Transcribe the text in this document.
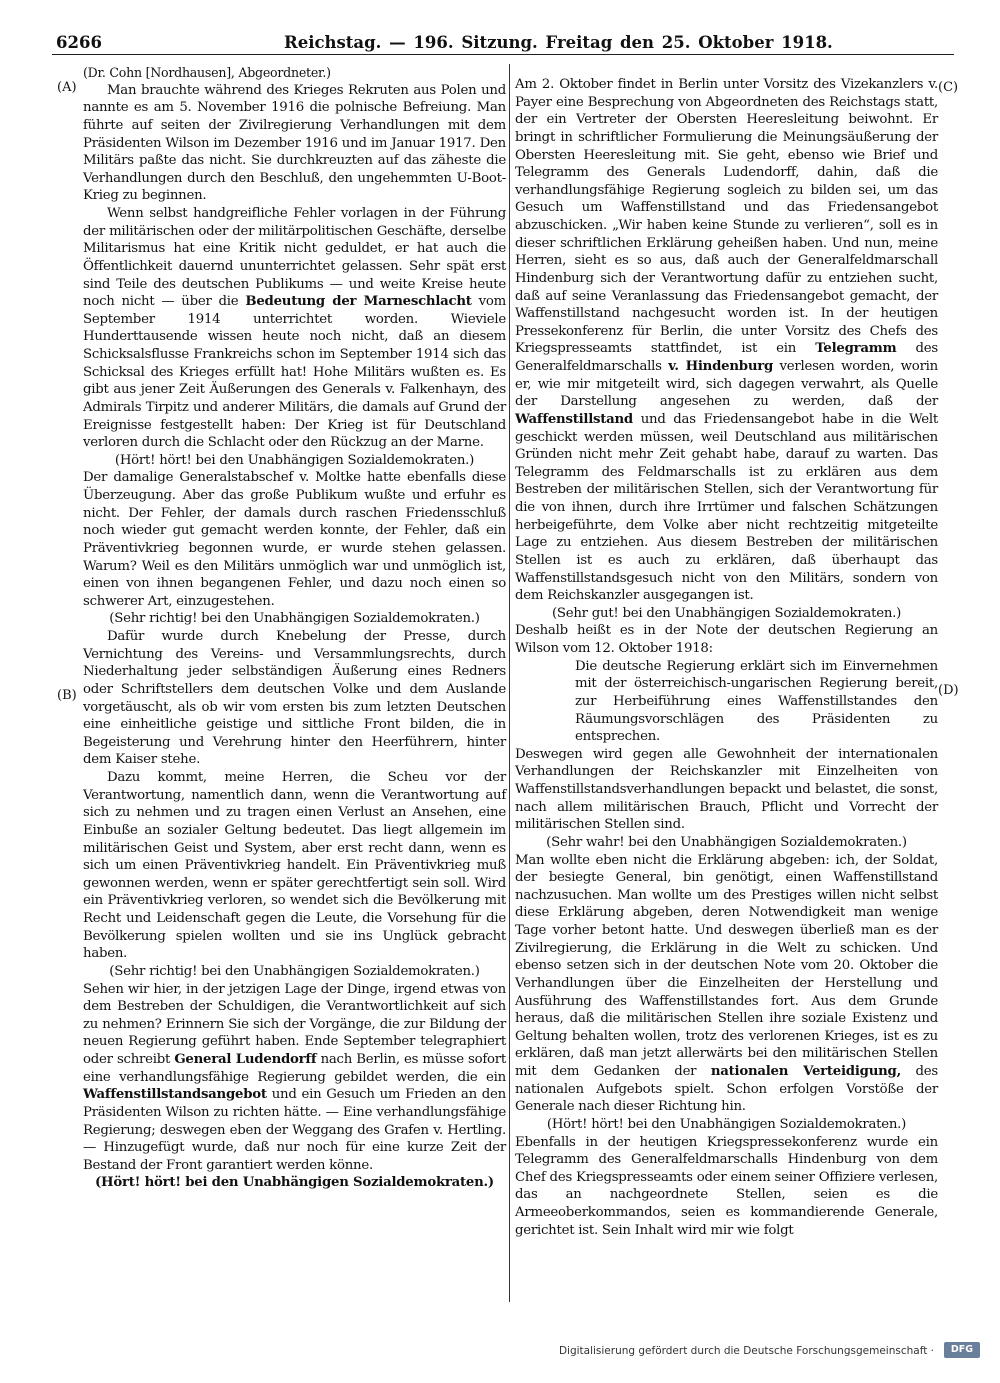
6266	Reichstag. — 196. Sitzung. Freitag den 25. Oktober 1918.
(A)
(B)
(C)
(D)

(Dr. Cohn [Nordhausen], Abgeordneter.)

Man brauchte während des Krieges Rekruten aus Polen und nannte es am 5. November 1916 die polnische Befreiung. Man führte auf seiten der Zivilregierung Verhandlungen mit dem Präsidenten Wilson im Dezember 1916 und im Januar 1917. Den Militärs paßte das nicht. Sie durchkreuzten auf das zäheste die Verhandlungen durch den Beschluß, den ungehemmten U-Boot-Krieg zu beginnen.

Wenn selbst handgreifliche Fehler vorlagen in der Führung der militärischen oder der militärpolitischen Geschäfte, derselbe Militarismus hat eine Kritik nicht geduldet, er hat auch die Öffentlichkeit dauernd ununterrichtet gelassen. Sehr spät erst sind Teile des deutschen Publikums — und weite Kreise heute noch nicht — über die Bedeutung der Marneschlacht vom September 1914 unterrichtet worden. Wieviele Hunderttausende wissen heute noch nicht, daß an diesem Schicksalsflusse Frankreichs schon im September 1914 sich das Schicksal des Krieges erfüllt hat! Hohe Militärs wußten es. Es gibt aus jener Zeit Äußerungen des Generals v. Falkenhayn, des Admirals Tirpitz und anderer Militärs, die damals auf Grund der Ereignisse festgestellt haben: Der Krieg ist für Deutschland verloren durch die Schlacht oder den Rückzug an der Marne.

(Hört! hört! bei den Unabhängigen Sozialdemokraten.)

Der damalige Generalstabschef v. Moltke hatte ebenfalls diese Überzeugung. Aber das große Publikum wußte und erfuhr es nicht. Der Fehler, der damals durch raschen Friedensschluß noch wieder gut gemacht werden konnte, der Fehler, daß ein Präventivkrieg begonnen wurde, er wurde stehen gelassen. Warum? Weil es den Militärs unmöglich war und unmöglich ist, einen von ihnen begangenen Fehler, und dazu noch einen so schwerer Art, einzugestehen.

(Sehr richtig! bei den Unabhängigen Sozialdemokraten.)

Dafür wurde durch Knebelung der Presse, durch Vernichtung des Vereins- und Versammlungsrechts, durch Niederhaltung jeder selbständigen Äußerung eines Redners oder Schriftstellers dem deutschen Volke und dem Auslande vorgetäuscht, als ob wir vom ersten bis zum letzten Deutschen eine einheitliche geistige und sittliche Front bilden, die in Begeisterung und Verehrung hinter den Heerführern, hinter dem Kaiser stehe.

Dazu kommt, meine Herren, die Scheu vor der Verantwortung, namentlich dann, wenn die Verantwortung auf sich zu nehmen und zu tragen einen Verlust an Ansehen, eine Einbuße an sozialer Geltung bedeutet. Das liegt allgemein im militärischen Geist und System, aber erst recht dann, wenn es sich um einen Präventivkrieg handelt. Ein Präventivkrieg muß gewonnen werden, wenn er später gerechtfertigt sein soll. Wird ein Präventivkrieg verloren, so wendet sich die Bevölkerung mit Recht und Leidenschaft gegen die Leute, die Vorsehung für die Bevölkerung spielen wollten und sie ins Unglück gebracht haben.

(Sehr richtig! bei den Unabhängigen Sozialdemokraten.)

Sehen wir hier, in der jetzigen Lage der Dinge, irgend etwas von dem Bestreben der Schuldigen, die Verantwortlichkeit auf sich zu nehmen? Erinnern Sie sich der Vorgänge, die zur Bildung der neuen Regierung geführt haben. Ende September telegraphiert oder schreibt General Ludendorff nach Berlin, es müsse sofort eine verhandlungsfähige Regierung gebildet werden, die ein Waffenstillstandsangebot und ein Gesuch um Frieden an den Präsidenten Wilson zu richten hätte. — Eine verhandlungsfähige Regierung; deswegen eben der Weggang des Grafen v. Hertling. — Hinzugefügt wurde, daß nur noch für eine kurze Zeit der Bestand der Front garantiert werden könne.

(Hört! hört! bei den Unabhängigen Sozialdemokraten.)

Am 2. Oktober findet in Berlin unter Vorsitz des Vizekanzlers v. Payer eine Besprechung von Abgeordneten des Reichstags statt, der ein Vertreter der Obersten Heeresleitung beiwohnt. Er bringt in schriftlicher Formulierung die Meinungsäußerung der Obersten Heeresleitung mit. Sie geht, ebenso wie Brief und Telegramm des Generals Ludendorff, dahin, daß die verhandlungsfähige Regierung sogleich zu bilden sei, um das Gesuch um Waffenstillstand und das Friedensangebot abzuschicken. „Wir haben keine Stunde zu verlieren“, soll es in dieser schriftlichen Erklärung geheißen haben. Und nun, meine Herren, sieht es so aus, daß auch der Generalfeldmarschall Hindenburg sich der Verantwortung dafür zu entziehen sucht, daß auf seine Veranlassung das Friedensangebot gemacht, der Waffenstillstand nachgesucht worden ist. In der heutigen Pressekonferenz für Berlin, die unter Vorsitz des Chefs des Kriegspresseamts stattfindet, ist ein Telegramm des Generalfeldmarschalls v. Hindenburg verlesen worden, worin er, wie mir mitgeteilt wird, sich dagegen verwahrt, als Quelle der Darstellung angesehen zu werden, daß der Waffenstillstand und das Friedensangebot habe in die Welt geschickt werden müssen, weil Deutschland aus militärischen Gründen nicht mehr Zeit gehabt habe, darauf zu warten. Das Telegramm des Feldmarschalls ist zu erklären aus dem Bestreben der militärischen Stellen, sich der Verantwortung für die von ihnen, durch ihre Irrtümer und falschen Schätzungen herbeigeführte, dem Volke aber nicht rechtzeitig mitgeteilte Lage zu entziehen. Aus diesem Bestreben der militärischen Stellen ist es auch zu erklären, daß überhaupt das Waffenstillstandsgesuch nicht von den Militärs, sondern von dem Reichskanzler ausgegangen ist.

(Sehr gut! bei den Unabhängigen Sozialdemokraten.)

Deshalb heißt es in der Note der deutschen Regierung an Wilson vom 12. Oktober 1918:

Die deutsche Regierung erklärt sich im Einvernehmen mit der österreichisch-ungarischen Regierung bereit, zur Herbeiführung eines Waffenstillstandes den Räumungsvorschlägen des Präsidenten zu entsprechen.

Deswegen wird gegen alle Gewohnheit der internationalen Verhandlungen der Reichskanzler mit Einzelheiten von Waffenstillstandsverhandlungen bepackt und belastet, die sonst, nach allem militärischen Brauch, Pflicht und Vorrecht der militärischen Stellen sind.

(Sehr wahr! bei den Unabhängigen Sozialdemokraten.)

Man wollte eben nicht die Erklärung abgeben: ich, der Soldat, der besiegte General, bin genötigt, einen Waffenstillstand nachzusuchen. Man wollte um des Prestiges willen nicht selbst diese Erklärung abgeben, deren Notwendigkeit man wenige Tage vorher betont hatte. Und deswegen überließ man es der Zivilregierung, die Erklärung in die Welt zu schicken. Und ebenso setzen sich in der deutschen Note vom 20. Oktober die Verhandlungen über die Einzelheiten der Herstellung und Ausführung des Waffenstillstandes fort. Aus dem Grunde heraus, daß die militärischen Stellen ihre soziale Existenz und Geltung behalten wollen, trotz des verlorenen Krieges, ist es zu erklären, daß man jetzt allerwärts bei den militärischen Stellen mit dem Gedanken der nationalen Verteidigung, des nationalen Aufgebots spielt. Schon erfolgen Vorstöße der Generale nach dieser Richtung hin.

(Hört! hört! bei den Unabhängigen Sozialdemokraten.)

Ebenfalls in der heutigen Kriegspressekonferenz wurde ein Telegramm des Generalfeldmarschalls Hindenburg von dem Chef des Kriegspresseamts oder einem seiner Offiziere verlesen, das an nachgeordnete Stellen, seien es die Armeeoberkommandos, seien es kommandierende Generale, gerichtet ist. Sein Inhalt wird mir wie folgt

Digitalisierung gefördert durch die Deutsche Forschungsgemeinschaft ·	DFG
